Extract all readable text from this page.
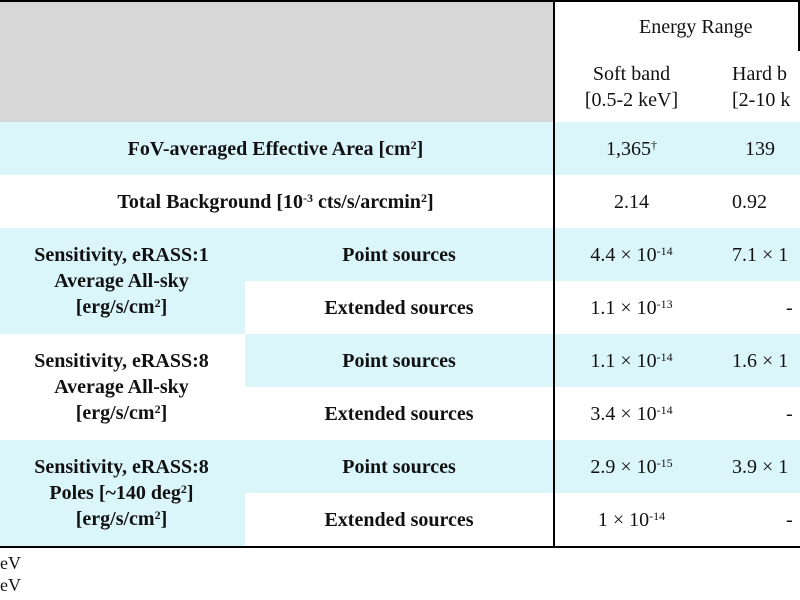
Energy Range
Soft band
[0.5-2 keV]
Hard b
[2-10 k
FoV-averaged Effective Area $[cm^2]$	1,365†	139
Total Background [$10^{-3}$ cts/s/arcmin$^2$]	2.14	0.92
Sensitivity, eRASS:1
Average All-sky
$[erg/s/cm^2]$
Point sources	$4.4 \times 10^{-14}$	7.1 × 1
Extended sources	$1.1 \times 10^{-13}$	-
Sensitivity, eRASS:8
Average All-sky
$[erg/s/cm^2]$
Point sources	$1.1 \times 10^{-14}$	1.6 × 1
Extended sources	$3.4 \times 10^{-14}$	-
Sensitivity, eRASS:8
Poles [~140 deg$^2$]
$[erg/s/cm^2]$
Point sources	$2.9 \times 10^{-15}$	3.9 × 1
Extended sources	$1 \times 10^{-14}$	-
eV
eV
